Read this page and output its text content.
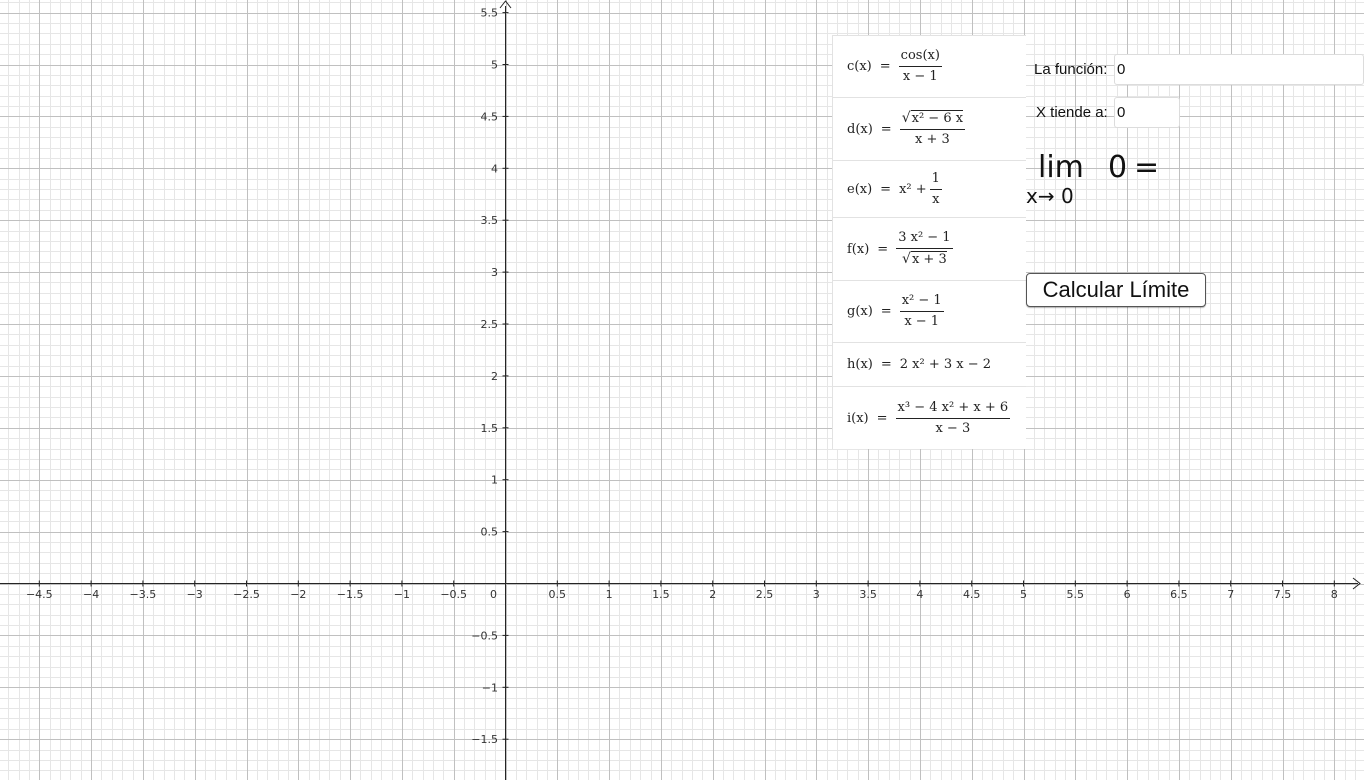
−4.5	−4	−3.5	−3	−2.5	−2	−1.5	−1	−0.5	0.5	1	1.5	2	2.5	3	3.5	4	4.5	5	5.5	6	6.5	7	7.5	8
0.5
1
1.5
2
2.5
3
3.5
4
4.5
5
5.5
−0.5
−1
−1.5
0
$c(x) = \frac{\cos(x)}{x - 1}$
$d(x) = \frac{\text{√x² − 6 x}}{x + 3}$
$e(x) = x^2 + \frac{1}{x}$
$f(x) = \frac{\text{3 x² − 1}}{√x + 3}$
$g(x) = \frac{\text{x² − 1}}{x - 1}$
h(x) = 2 x² + 3 x − 2
$i(x) = \frac{\text{x³ − 4 x² + x + 6}}{x - 3}$
La función:
0
X tiende a:
0
lim 0 =
x→ 0
Calcular Límite
